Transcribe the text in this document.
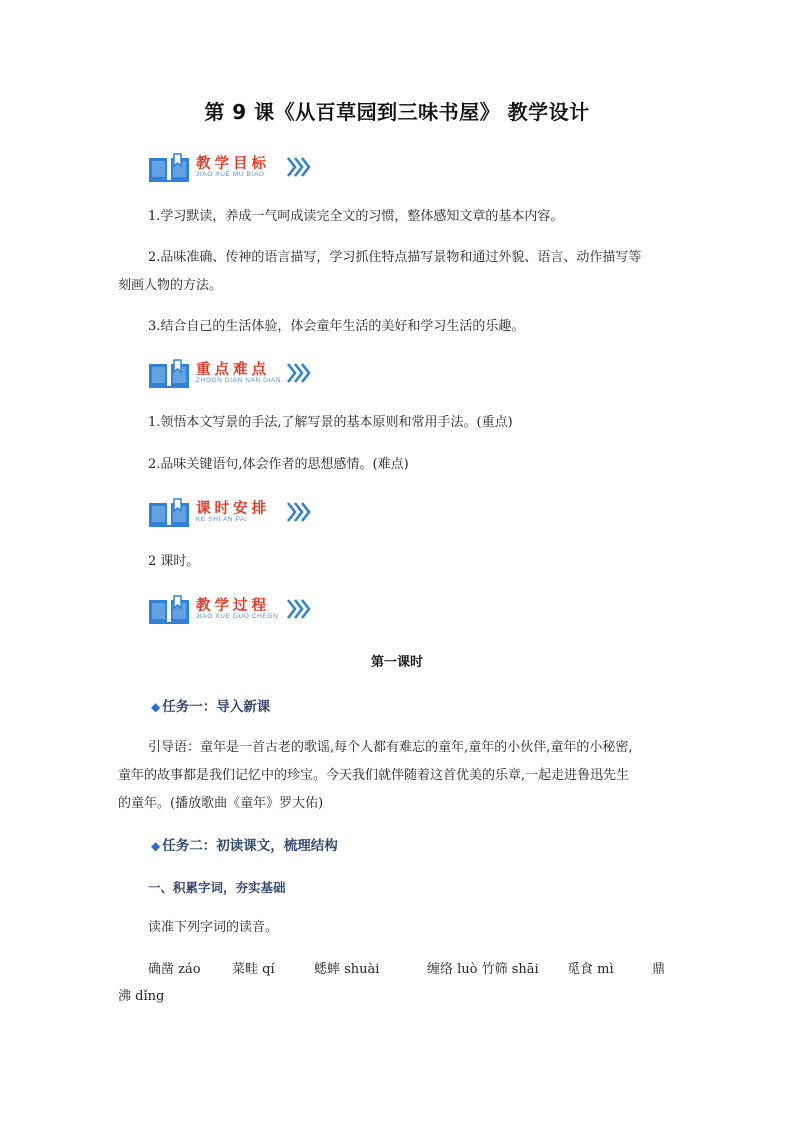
第 9 课《从百草园到三味书屋》 教学设计
教学目标
JIAO XUE MU BIAO
1.学习默读，养成一气呵成读完全文的习惯，整体感知文章的基本内容。
2.品味准确、传神的语言描写，学习抓住特点描写景物和通过外貌、语言、动作描写等
刻画人物的方法。
3.结合自己的生活体验，体会童年生活的美好和学习生活的乐趣。
重点难点
ZHOGN DIAN NAN DIAN
1.领悟本文写景的手法,了解写景的基本原则和常用手法。(重点)
2.品味关键语句,体会作者的思想感情。(难点)
课时安排
KE SHI AN PAI
2 课时。
教学过程
JIAO XUE GUO CHEGN
第一课时
◆ 任务一：导入新课
引导语：童年是一首古老的歌谣,每个人都有难忘的童年,童年的小伙伴,童年的小秘密,
童年的故事都是我们记忆中的珍宝。今天我们就伴随着这首优美的乐章,一起走进鲁迅先生
的童年。(播放歌曲《童年》罗大佑)
◆ 任务二：初读课文，梳理结构
一、积累字词，夯实基础
读准下列字词的读音。
确凿 záo 菜畦 qí	蟋蟀 shuài	缠络 luò 竹筛 shāi 觅食 mì	鼎
沸 dǐng
